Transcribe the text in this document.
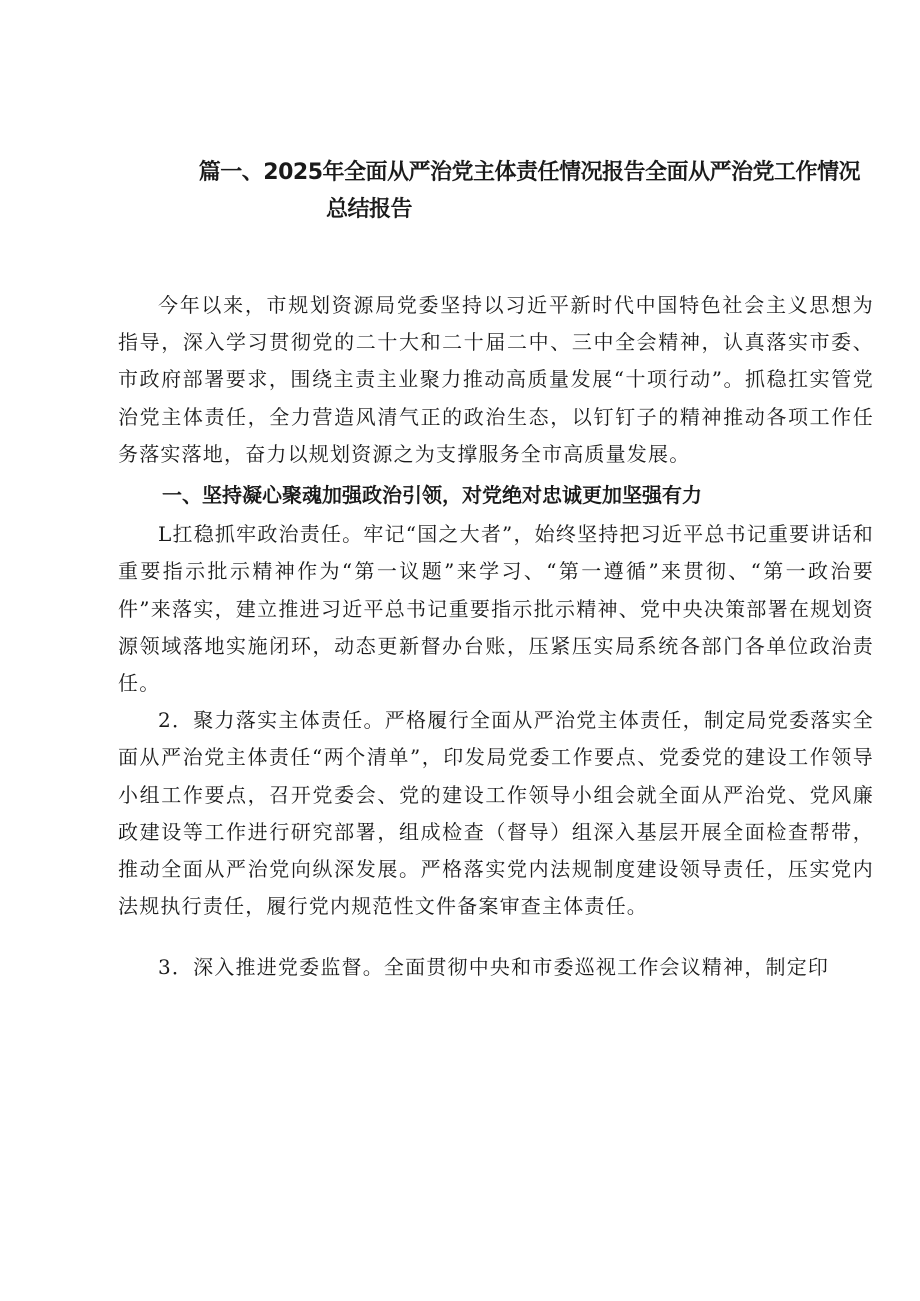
篇一、2025年全面从严治党主体责任情况报告全面从严治党工作情况
总结报告

今年以来，市规划资源局党委坚持以习近平新时代中国特色社会主义思想为指导，深入学习贯彻党的二十大和二十届二中、三中全会精神，认真落实市委、市政府部署要求，围绕主责主业聚力推动高质量发展“十项行动”。抓稳扛实管党治党主体责任，全力营造风清气正的政治生态，以钉钉子的精神推动各项工作任务落实落地，奋力以规划资源之为支撑服务全市高质量发展。

一、坚持凝心聚魂加强政治引领，对党绝对忠诚更加坚强有力

L扛稳抓牢政治责任。牢记“国之大者”，始终坚持把习近平总书记重要讲话和重要指示批示精神作为“第一议题”来学习、“第一遵循”来贯彻、“第一政治要件”来落实，建立推进习近平总书记重要指示批示精神、党中央决策部署在规划资源领域落地实施闭环，动态更新督办台账，压紧压实局系统各部门各单位政治责任。

2．聚力落实主体责任。严格履行全面从严治党主体责任，制定局党委落实全面从严治党主体责任“两个清单”，印发局党委工作要点、党委党的建设工作领导小组工作要点，召开党委会、党的建设工作领导小组会就全面从严治党、党风廉政建设等工作进行研究部署，组成检查（督导）组深入基层开展全面检查帮带，推动全面从严治党向纵深发展。严格落实党内法规制度建设领导责任，压实党内法规执行责任，履行党内规范性文件备案审查主体责任。

3．深入推进党委监督。全面贯彻中央和市委巡视工作会议精神，制定印
